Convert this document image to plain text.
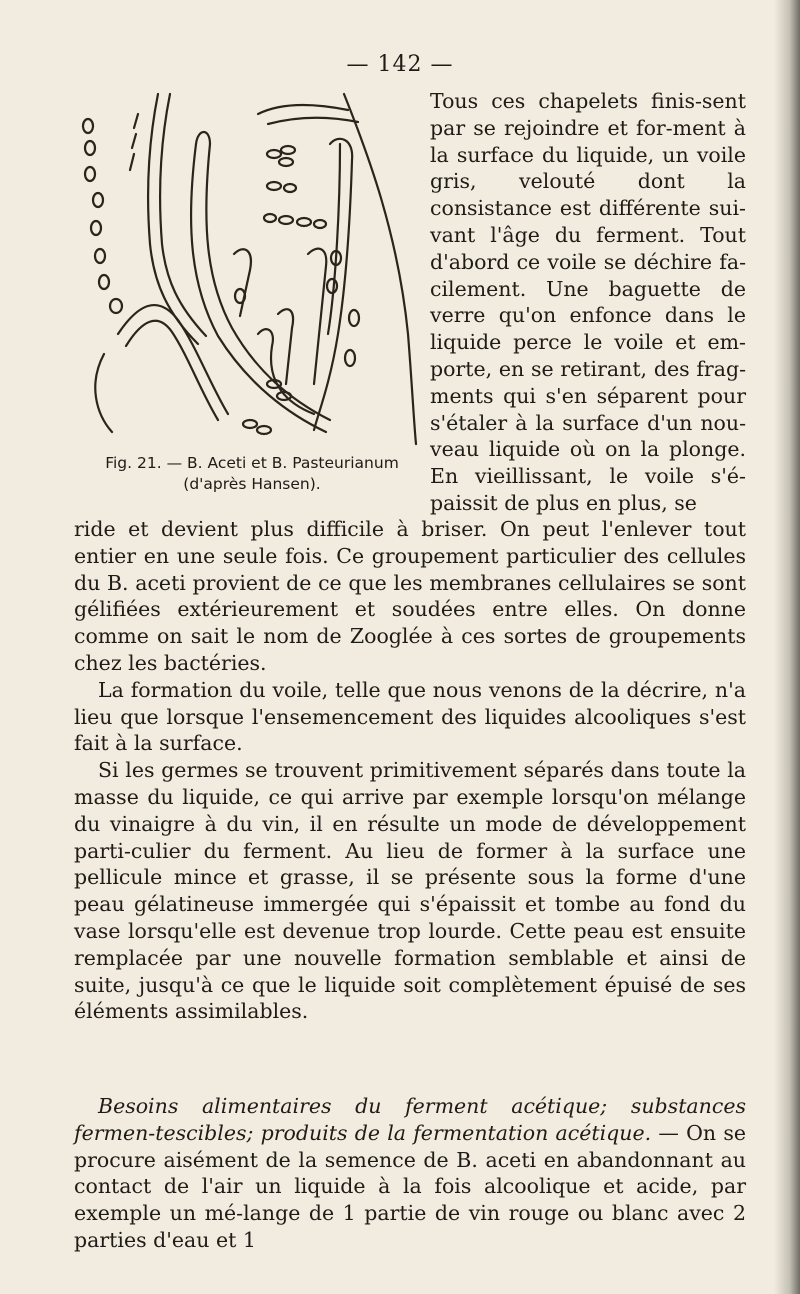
— 142 —
Fig. 21. — B. Aceti et B. Pasteurianum
(d'après Hansen).
Tous ces chapelets finis-sent par se rejoindre et for-ment à la surface du liquide, un voile gris, velouté dont la consistance est différente sui-vant l'âge du ferment. Tout d'abord ce voile se déchire fa-cilement. Une baguette de verre qu'on enfonce dans le liquide perce le voile et em-porte, en se retirant, des frag-ments qui s'en séparent pour s'étaler à la surface d'un nou-veau liquide où on la plonge. En vieillissant, le voile s'é-paissit de plus en plus, se

ride et devient plus difficile à briser. On peut l'enlever tout entier en une seule fois. Ce groupement particulier des cellules du B. aceti provient de ce que les membranes cellulaires se sont gélifiées extérieurement et soudées entre elles. On donne comme on sait le nom de Zooglée à ces sortes de groupements chez les bactéries.

La formation du voile, telle que nous venons de la décrire, n'a lieu que lorsque l'ensemencement des liquides alcooliques s'est fait à la surface.

Si les germes se trouvent primitivement séparés dans toute la masse du liquide, ce qui arrive par exemple lorsqu'on mélange du vinaigre à du vin, il en résulte un mode de développement parti-culier du ferment. Au lieu de former à la surface une pellicule mince et grasse, il se présente sous la forme d'une peau gélatineuse immergée qui s'épaissit et tombe au fond du vase lorsqu'elle est devenue trop lourde. Cette peau est ensuite remplacée par une nouvelle formation semblable et ainsi de suite, jusqu'à ce que le liquide soit complètement épuisé de ses éléments assimilables.

Besoins alimentaires du ferment acétique; substances fermen-tescibles; produits de la fermentation acétique. — On se procure aisément de la semence de B. aceti en abandonnant au contact de l'air un liquide à la fois alcoolique et acide, par exemple un mé-lange de 1 partie de vin rouge ou blanc avec 2 parties d'eau et 1
